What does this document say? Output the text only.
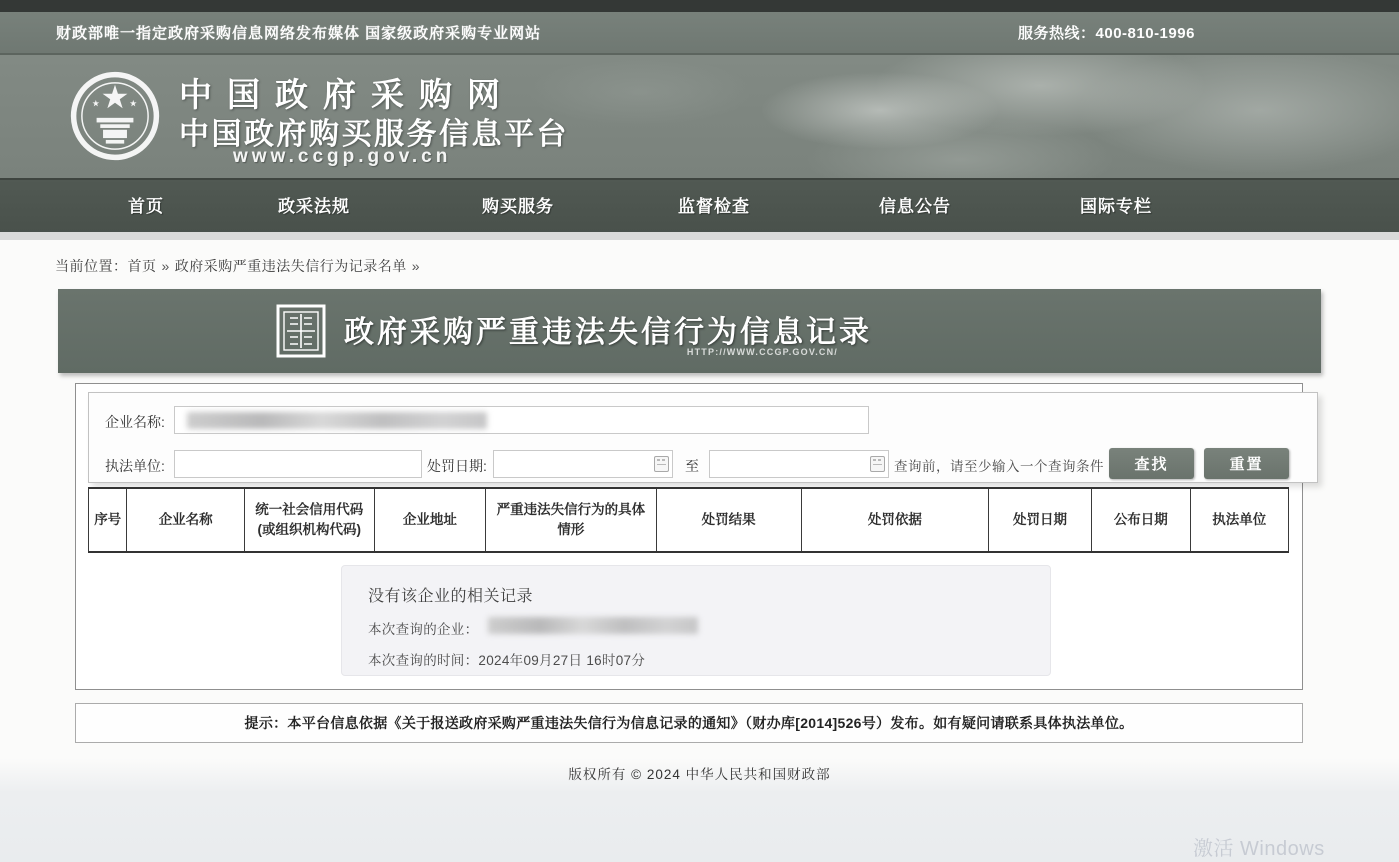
财政部唯一指定政府采购信息网络发布媒体 国家级政府采购专业网站	服务热线：400-810-1996
中国政府采购网
中国政府购买服务信息平台
www.ccgp.gov.cn
首页	政采法规	购买服务	监督检查	信息公告	国际专栏
当前位置：首页 » 政府采购严重违法失信行为记录名单 »
政府采购严重违法失信行为信息记录
HTTP://WWW.CCGP.GOV.CN/
企业名称:
执法单位:	处罚日期:	至	查询前，请至少输入一个查询条件	查找	重置
序号	企业名称	统一社会信用代码(或组织机构代码)	企业地址	严重违法失信行为的具体情形	处罚结果	处罚依据	处罚日期	公布日期	执法单位
没有该企业的相关记录
本次查询的企业：
本次查询的时间：2024年09月27日 16时07分
提示：本平台信息依据《关于报送政府采购严重违法失信行为信息记录的通知》（财办库[2014]526号）发布。如有疑问请联系具体执法单位。
版权所有 © 2024 中华人民共和国财政部
激活 Windows
